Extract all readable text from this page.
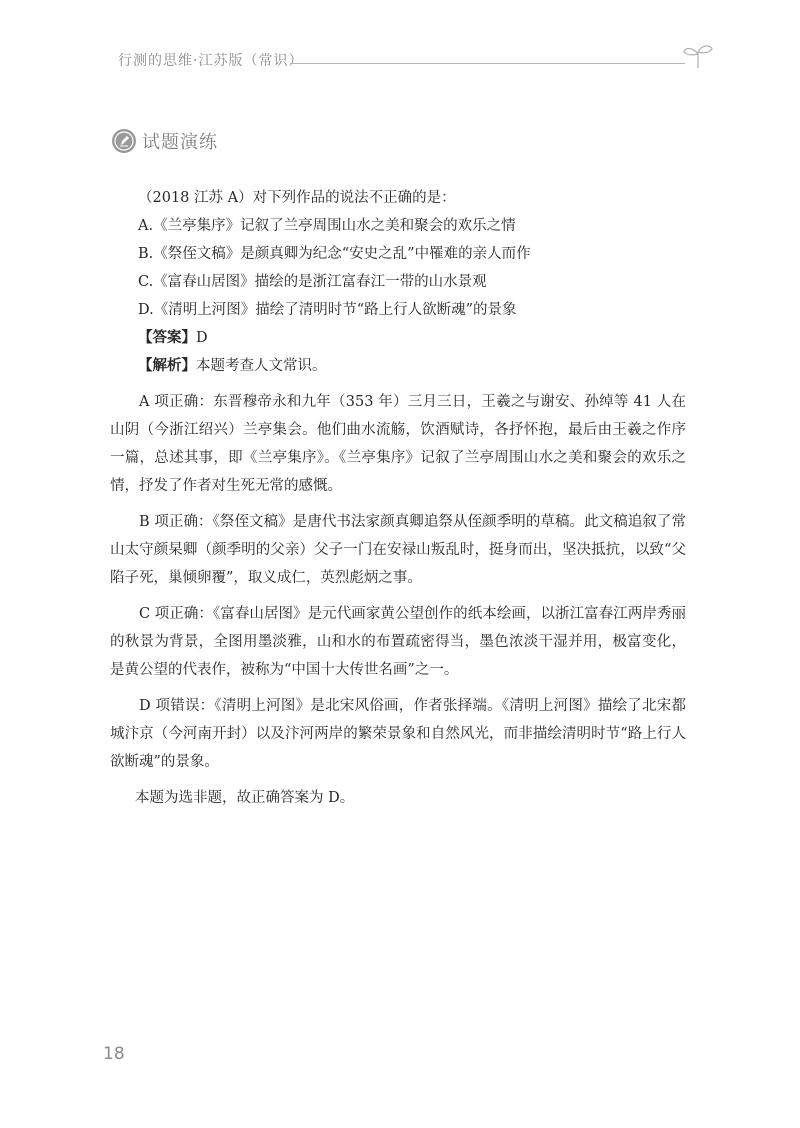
行测的思维·江苏版（常识）
试题演练
（2018 江苏 A）对下列作品的说法不正确的是：
A.《兰亭集序》记叙了兰亭周围山水之美和聚会的欢乐之情
B.《祭侄文稿》是颜真卿为纪念“安史之乱”中罹难的亲人而作
C.《富春山居图》描绘的是浙江富春江一带的山水景观
D.《清明上河图》描绘了清明时节“路上行人欲断魂”的景象
【答案】D
【解析】本题考查人文常识。
A 项正确：东晋穆帝永和九年（353 年）三月三日，王羲之与谢安、孙绰等 41 人在山阴（今浙江绍兴）兰亭集会。他们曲水流觞，饮酒赋诗，各抒怀抱，最后由王羲之作序一篇，总述其事，即《兰亭集序》。《兰亭集序》记叙了兰亭周围山水之美和聚会的欢乐之情，抒发了作者对生死无常的感慨。
B 项正确：《祭侄文稿》是唐代书法家颜真卿追祭从侄颜季明的草稿。此文稿追叙了常山太守颜杲卿（颜季明的父亲）父子一门在安禄山叛乱时，挺身而出，坚决抵抗，以致“父陷子死，巢倾卵覆”，取义成仁，英烈彪炳之事。
C 项正确：《富春山居图》是元代画家黄公望创作的纸本绘画，以浙江富春江两岸秀丽的秋景为背景，全图用墨淡雅，山和水的布置疏密得当，墨色浓淡干湿并用，极富变化，是黄公望的代表作，被称为“中国十大传世名画”之一。
D 项错误：《清明上河图》是北宋风俗画，作者张择端。《清明上河图》描绘了北宋都城汴京（今河南开封）以及汴河两岸的繁荣景象和自然风光，而非描绘清明时节“路上行人欲断魂”的景象。
本题为选非题，故正确答案为 D。
18
